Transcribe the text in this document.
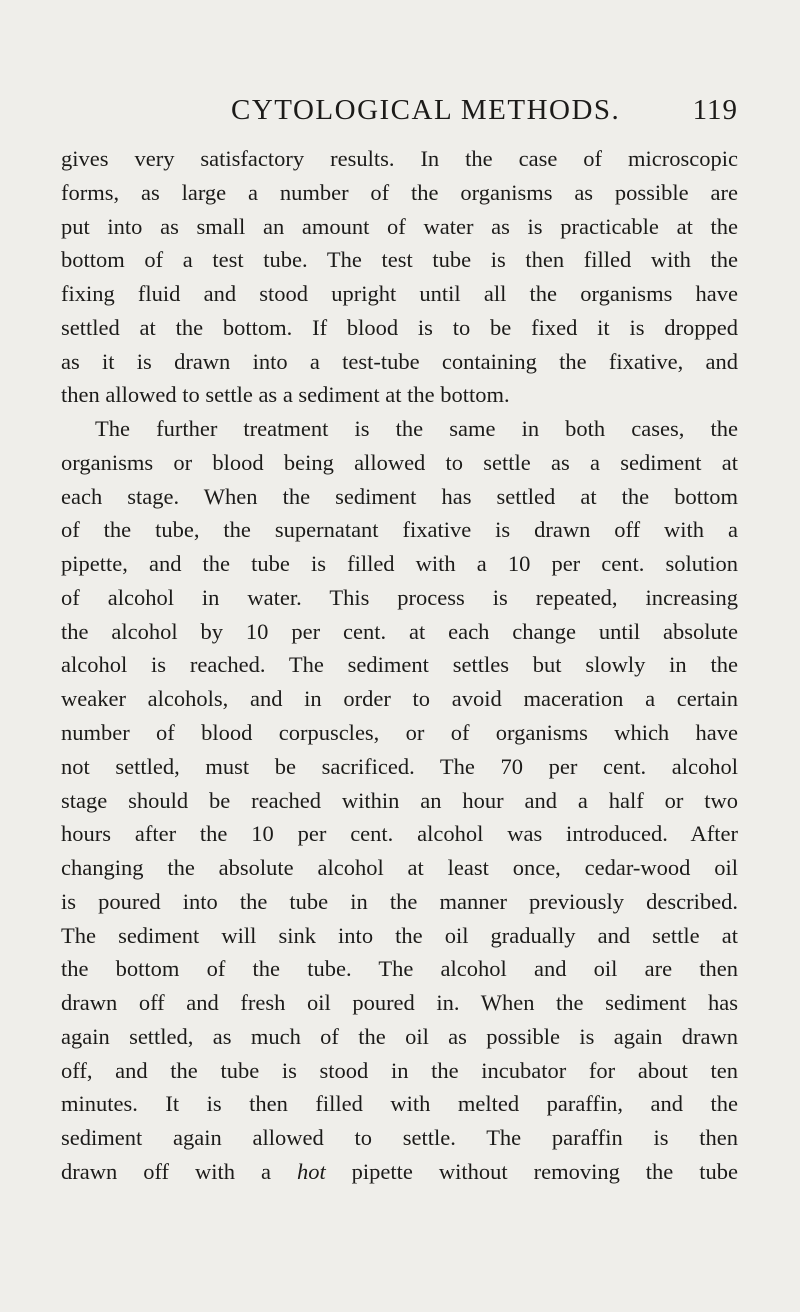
CYTOLOGICAL METHODS. 119
gives very satisfactory results. In the case of microscopic
forms, as large a number of the organisms as possible are
put into as small an amount of water as is practicable at the
bottom of a test tube. The test tube is then filled with the
fixing fluid and stood upright until all the organisms have
settled at the bottom. If blood is to be fixed it is dropped
as it is drawn into a test-tube containing the fixative, and
then allowed to settle as a sediment at the bottom.
The further treatment is the same in both cases, the
organisms or blood being allowed to settle as a sediment at
each stage. When the sediment has settled at the bottom
of the tube, the supernatant fixative is drawn off with a
pipette, and the tube is filled with a 10 per cent. solution
of alcohol in water. This process is repeated, increasing
the alcohol by 10 per cent. at each change until absolute
alcohol is reached. The sediment settles but slowly in the
weaker alcohols, and in order to avoid maceration a certain
number of blood corpuscles, or of organisms which have
not settled, must be sacrificed. The 70 per cent. alcohol
stage should be reached within an hour and a half or two
hours after the 10 per cent. alcohol was introduced. After
changing the absolute alcohol at least once, cedar-wood oil
is poured into the tube in the manner previously described.
The sediment will sink into the oil gradually and settle at
the bottom of the tube. The alcohol and oil are then
drawn off and fresh oil poured in. When the sediment has
again settled, as much of the oil as possible is again drawn
off, and the tube is stood in the incubator for about ten
minutes. It is then filled with melted paraffin, and the
sediment again allowed to settle. The paraffin is then
drawn off with a hot pipette without removing the tube
